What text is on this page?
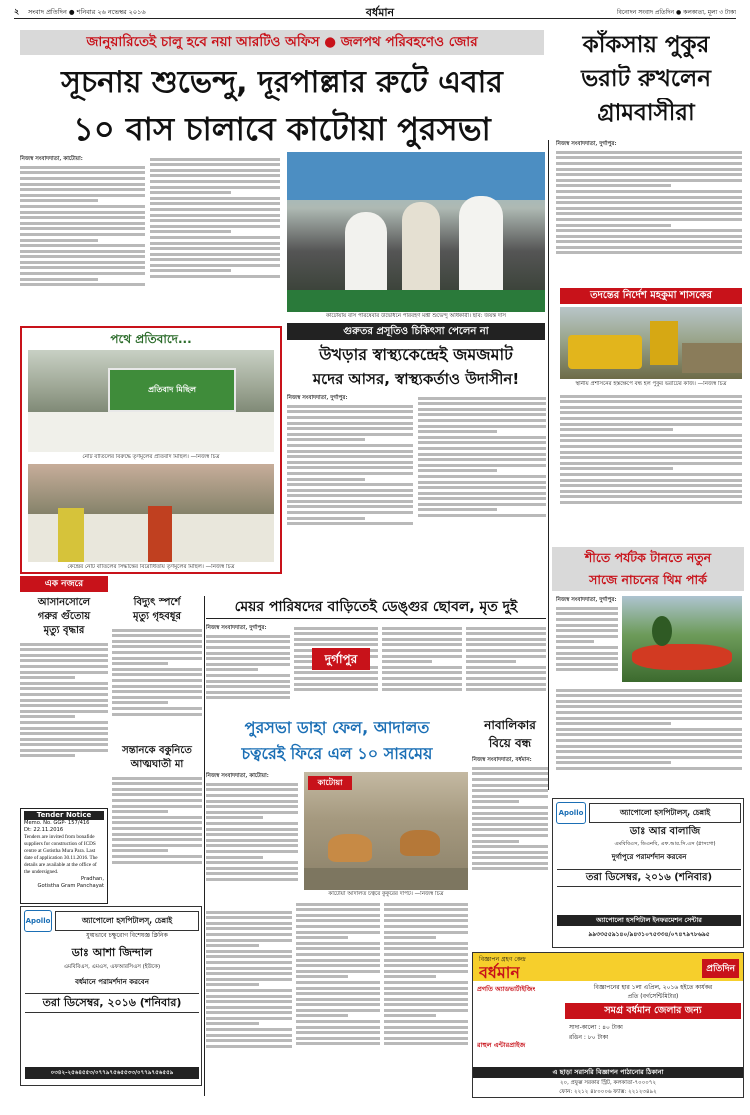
২ সংবাদ প্রতিদিন ● শনিবার ২৬ নভেম্বর ২০১৬	বর্ধমান	বিনোদন সংবাদ প্রতিদিন ● কলকাতা, মূল্য ৩ টাকা
জানুয়ারিতেই চালু হবে নয়া আরটিও অফিস ● জলপথ পরিবহণেও জোর
সূচনায় শুভেন্দু, দূরপাল্লার রুটে এবার
১০ বাস চালাবে কাটোয়া পুরসভা
নিজস্ব সংবাদদাতা, কাটোয়া:
কাটোয়ায় বাস পরিষেবার উদ্বোধনে পরিবহণ মন্ত্রী শুভেন্দু অধিকারী। ছবি: জয়ন্ত দাস
কাঁকসায় পুকুর
ভরাট রুখলেন
গ্রামবাসীরা
নিজস্ব সংবাদদাতা, দুর্গাপুর:
তদন্তের নির্দেশ মহকুমা শাসকের
স্থানীয় প্রশাসনের হস্তক্ষেপে বন্ধ হল পুকুর ভরাটের কাজ। —নিজস্ব চিত্র
পথে প্রতিবাদে...
প্রতিবাদ মিছিল
নোট বাতিলের বিরুদ্ধে তৃণমূলের প্রতিবাদ মিছিল। —নিজস্ব চিত্র
কেন্দ্রের নোট বাতিলের সিদ্ধান্তের বিরোধিতায় তৃণমূলের মিছিল। —নিজস্ব চিত্র
গুরুতর প্রসূতিও চিকিৎসা পেলেন না
উখড়ার স্বাস্থ্যকেন্দ্রেই জমজমাট
মদের আসর, স্বাস্থ্যকর্তাও উদাসীন!
নিজস্ব সংবাদদাতা, দুর্গাপুর:
শীতে পর্যটক টানতে নতুন
সাজে নাচনের থিম পার্ক
নিজস্ব সংবাদদাতা, দুর্গাপুর:
এক নজরে
আসানসোলে
গরুর গুঁতোয়
মৃত্যু বৃদ্ধার
বিদ্যুৎ স্পর্শে
মৃত্যু গৃহবধূর
সন্তানকে বকুনিতে
আত্মঘাতী মা
Tender Notice
Memo. No. GGP- 157/416
Dt: 22.11.2016
Tenders are invited from bonafide suppliers for construction of ICDS centre at Gotistha Mura Para. Last date of application 30.11.2016. The details are available at the office of the undersigned.
Pradhan,
Gotistha Gram Panchayat
মেয়র পারিষদের বাড়িতেই ডেঙ্গুর ছোবল, মৃত দুই
নিজস্ব সংবাদদাতা, দুর্গাপুর:
দুর্গাপুর
পুরসভা ডাহা ফেল, আদালত
চত্বরেই ফিরে এল ১০ সারমেয়
নিজস্ব সংবাদদাতা, কাটোয়া:
কাটোয়া
কাটোয়া আদালত চত্বরে কুকুরের দাপট। —নিজস্ব চিত্র
নাবালিকার
বিয়ে বন্ধ
নিজস্ব সংবাদদাতা, বর্ধমান:
Apollo	অ্যাপোলো হসপিটালস্, চেন্নাই
ডাঃ আর বালাজি
এমবিবিএস, ডিএনবি, এফ.আর.সি.এস (গ্লাসগো)
দুর্গাপুরে পরামর্শদান করবেন
তরা ডিসেম্বর, ২০১৬ (শনিবার)
অ্যাপোলো হসপিটাল ইনফরমেশন সেন্টার
৯৯৩৩৫৫৯১৪০/৯৪৩১০৭৫৩৩৪/০৭৪৭৯৭৮৬৯৫
Apollo	অ্যাপোলো হসপিটালস্, চেন্নাই
যুগ্মভাবে চক্ষুরোগ বিশেষজ্ঞ ক্লিনিক
ডাঃ আশা জিন্দাল
এমবিবিএস, এমএস, এফআরসিএস (ইউকে)
বর্ধমানে পরামর্শদান করবেন
তরা ডিসেম্বর, ২০১৬ (শনিবার)
০৩৪২-২৫৬৪৫৫৩/০৭৭৯৭৫৬৫৫৩৩/০৭৭৯৭৫৬৫৫৯
বিজ্ঞাপন গ্রহণ কেন্দ্র
বর্ধমান	প্রতিদিন
বিজ্ঞাপনের হার ১লা এপ্রিল, ২০১৬ হইতে কার্যকর
প্রতি (বর্গসেন্টিমিটার)
সমগ্র বর্ধমান জেলার জন্য
সাদা-কালো : ৪০ টাকা
রঙিন : ৮০ টাকা
প্রগতি অ্যাডভার্টাইজিং
রাহুল এন্টারপ্রাইজ
এ ছাড়া সরাসরি বিজ্ঞাপন পাঠানোর ঠিকানা
২০, প্রফুল্ল সরকার স্ট্রিট, কলকাতা-৭০০০৭২
ফোন: ২২১২ ৪৮০০০৬ ফ্যাক্স: ২২১২৩৪৯২
